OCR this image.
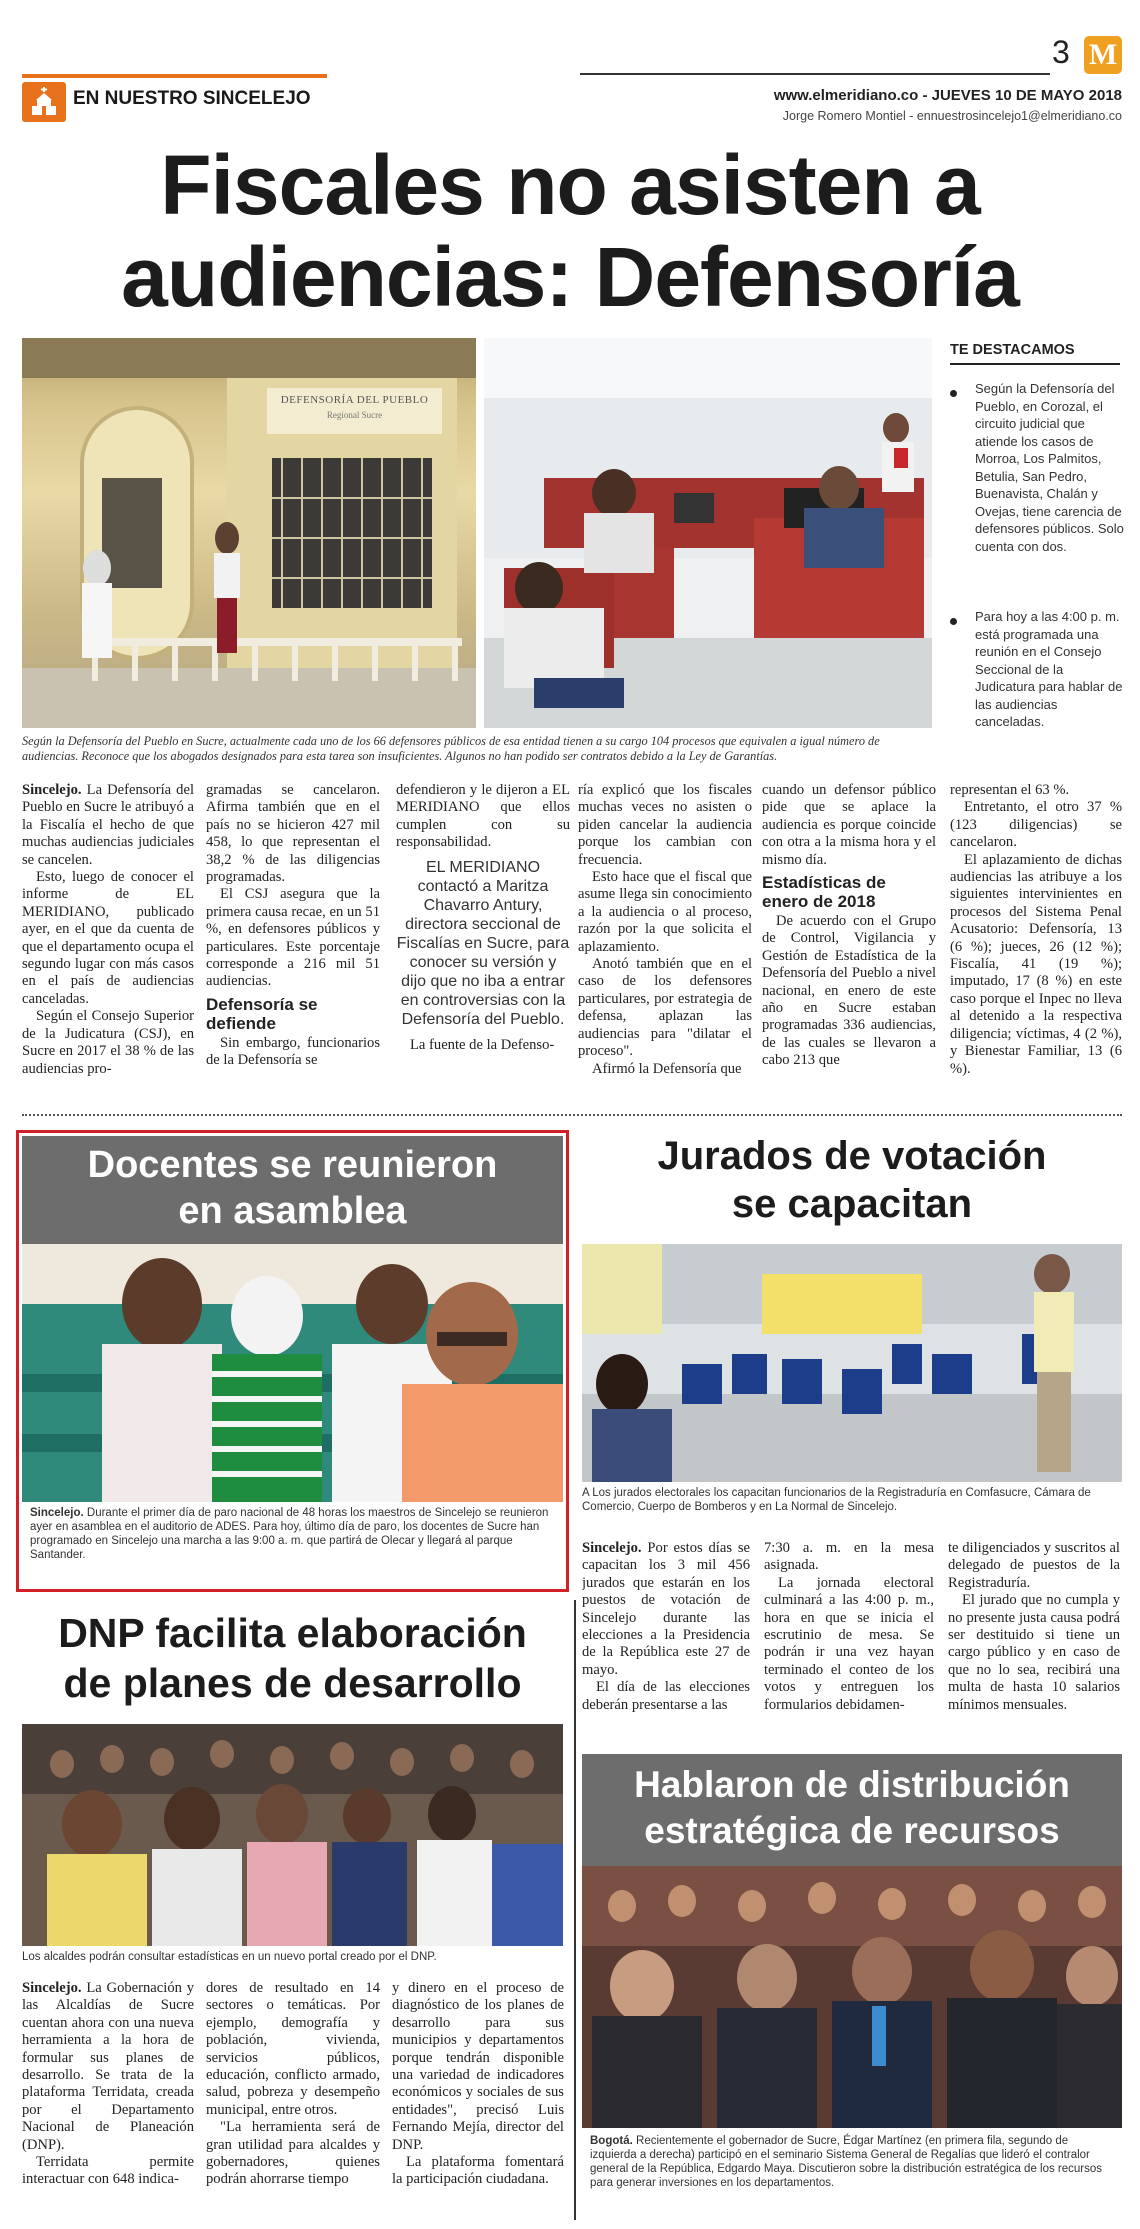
EN NUESTRO SINCELEJO
3 M
www.elmeridiano.co - JUEVES 10 DE MAYO 2018
Jorge Romero Montiel - ennuestrosincelejo1@elmeridiano.co
Fiscales no asisten a
audiencias: Defensoría
DEFENSORÍA DEL PUEBLO
Regional Sucre
Según la Defensoría del Pueblo en Sucre, actualmente cada uno de los 66 defensores públicos de esa entidad tienen a su cargo 104 procesos que equivalen a igual número de audiencias. Reconoce que los abogados designados para esta tarea son insuficientes. Algunos no han podido ser contratos debido a la Ley de Garantías.
TE DESTACAMOS
Según la Defensoría del Pueblo, en Corozal, el circuito judicial que atiende los casos de Morroa, Los Palmitos, Betulia, San Pedro, Buenavista, Chalán y Ovejas, tiene carencia de defensores públicos. Solo cuenta con dos.
Para hoy a las 4:00 p. m. está programada una reunión en el Consejo Seccional de la Judicatura para hablar de las audiencias canceladas.

Sincelejo. La Defensoría del Pueblo en Sucre le atribuyó a la Fiscalía el hecho de que muchas audiencias judiciales se cancelen.

Esto, luego de conocer el informe de EL MERIDIANO, publicado ayer, en el que da cuenta de que el departamento ocupa el segundo lugar con más casos en el país de audiencias canceladas.

Según el Consejo Superior de la Judicatura (CSJ), en Sucre en 2017 el 38 % de las audiencias pro-

gramadas se cancelaron. Afirma también que en el país no se hicieron 427 mil 458, lo que representan el 38,2 % de las diligencias programadas.

El CSJ asegura que la primera causa recae, en un 51 %, en defensores públicos y particulares. Este porcentaje corresponde a 216 mil 51 audiencias.

Defensoría se defiende

Sin embargo, funcionarios de la Defensoría se

defendieron y le dijeron a EL MERIDIANO que ellos cumplen con su responsabilidad.

EL MERIDIANO contactó a Maritza Chavarro Antury, directora seccional de Fiscalías en Sucre, para conocer su versión y dijo que no iba a entrar en controversias con la Defensoría del Pueblo.

La fuente de la Defenso-

ría explicó que los fiscales muchas veces no asisten o piden cancelar la audiencia porque los cambian con frecuencia.

Esto hace que el fiscal que asume llega sin conocimiento a la audiencia o al proceso, razón por la que solicita el aplazamiento.

Anotó también que en el caso de los defensores particulares, por estrategia de defensa, aplazan las audiencias para "dilatar el proceso".

Afirmó la Defensoría que

cuando un defensor público pide que se aplace la audiencia es porque coincide con otra a la misma hora y el mismo día.

Estadísticas de enero de 2018

De acuerdo con el Grupo de Control, Vigilancia y Gestión de Estadística de la Defensoría del Pueblo a nivel nacional, en enero de este año en Sucre estaban programadas 336 audiencias, de las cuales se llevaron a cabo 213 que

representan el 63 %.

Entretanto, el otro 37 % (123 diligencias) se cancelaron.

El aplazamiento de dichas audiencias las atribuye a los siguientes intervinientes en procesos del Sistema Penal Acusatorio: Defensoría, 13 (6 %); jueces, 26 (12 %); Fiscalía, 41 (19 %); imputado, 17 (8 %) en este caso porque el Inpec no lleva al detenido a la respectiva diligencia; víctimas, 4 (2 %), y Bienestar Familiar, 13 (6 %).

Docentes se reunieron
en asamblea
Sincelejo. Durante el primer día de paro nacional de 48 horas los maestros de Sincelejo se reunieron ayer en asamblea en el auditorio de ADES. Para hoy, último día de paro, los docentes de Sucre han programado en Sincelejo una marcha a las 9:00 a. m. que partirá de Olecar y llegará al parque Santander.
Jurados de votación
se capacitan
A Los jurados electorales los capacitan funcionarios de la Registraduría en Comfasucre, Cámara de Comercio, Cuerpo de Bomberos y en La Normal de Sincelejo.

Sincelejo. Por estos días se capacitan los 3 mil 456 jurados que estarán en los puestos de votación de Sincelejo durante las elecciones a la Presidencia de la República este 27 de mayo.

El día de las elecciones deberán presentarse a las

7:30 a. m. en la mesa asignada.

La jornada electoral culminará a las 4:00 p. m., hora en que se inicia el escrutinio de mesa. Se podrán ir una vez hayan terminado el conteo de los votos y entreguen los formularios debidamen-

te diligenciados y suscritos al delegado de puestos de la Registraduría.

El jurado que no cumpla y no presente justa causa podrá ser destituido si tiene un cargo público y en caso de que no lo sea, recibirá una multa de hasta 10 salarios mínimos mensuales.

DNP facilita elaboración
de planes de desarrollo
Los alcaldes podrán consultar estadísticas en un nuevo portal creado por el DNP.

Sincelejo. La Gobernación y las Alcaldías de Sucre cuentan ahora con una nueva herramienta a la hora de formular sus planes de desarrollo. Se trata de la plataforma Terridata, creada por el Departamento Nacional de Planeación (DNP).

Terridata permite interactuar con 648 indica-

dores de resultado en 14 sectores o temáticas. Por ejemplo, demografía y población, vivienda, servicios públicos, educación, conflicto armado, salud, pobreza y desempeño municipal, entre otros.

"La herramienta será de gran utilidad para alcaldes y gobernadores, quienes podrán ahorrarse tiempo

y dinero en el proceso de diagnóstico de los planes de desarrollo para sus municipios y departamentos porque tendrán disponible una variedad de indicadores económicos y sociales de sus entidades", precisó Luis Fernando Mejía, director del DNP.

La plataforma fomentará la participación ciudadana.

Hablaron de distribución
estratégica de recursos
Bogotá. Recientemente el gobernador de Sucre, Édgar Martínez (en primera fila, segundo de izquierda a derecha) participó en el seminario Sistema General de Regalías que lideró el contralor general de la República, Edgardo Maya. Discutieron sobre la distribución estratégica de los recursos para generar inversiones en los departamentos.
